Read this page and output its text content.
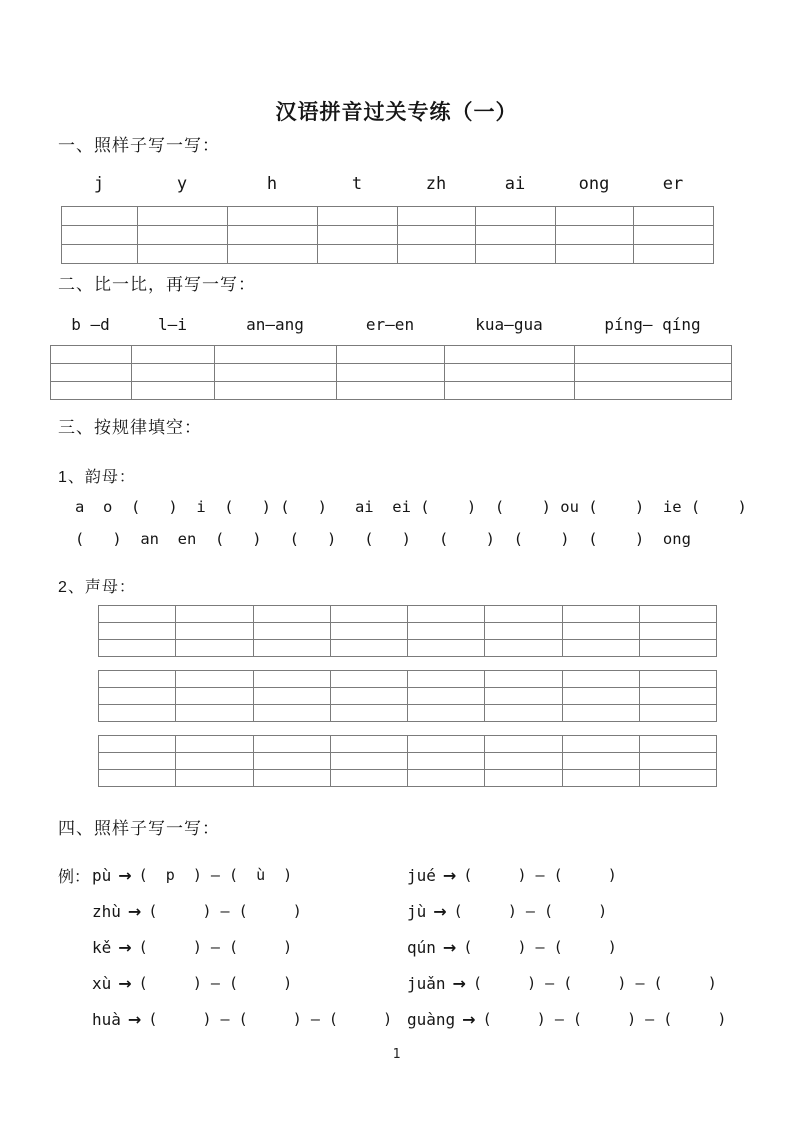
汉语拼音过关专练（一）
一、照样子写一写：
j	y	h	t	zh	ai	ong	er

二、比一比，再写一写：
b —d	l—i	an—ang	er—en	kua—gua	píng— qíng

三、按规律填空：
1、韵母：
a  o  (   )  i  (   ) (   )   ai  ei (    )  (    ) ou (    )  ie (    )
(   )  an  en  (   )   (   )   (   )   (    )  (    )  (    )  ong
2、声母：

四、照样子写一写：
例： pù → (  p  ) — (  ù  )	jué → (     ) — (     )
zhù → (     ) — (     )	jù → (     ) — (     )
kě → (     ) — (     )	qún → (     ) — (     )
xù → (     ) — (     )	juǎn → (     ) — (     ) — (     )
huà → (     ) — (     ) — (     ) guàng → (     ) — (     ) — (     )
1
